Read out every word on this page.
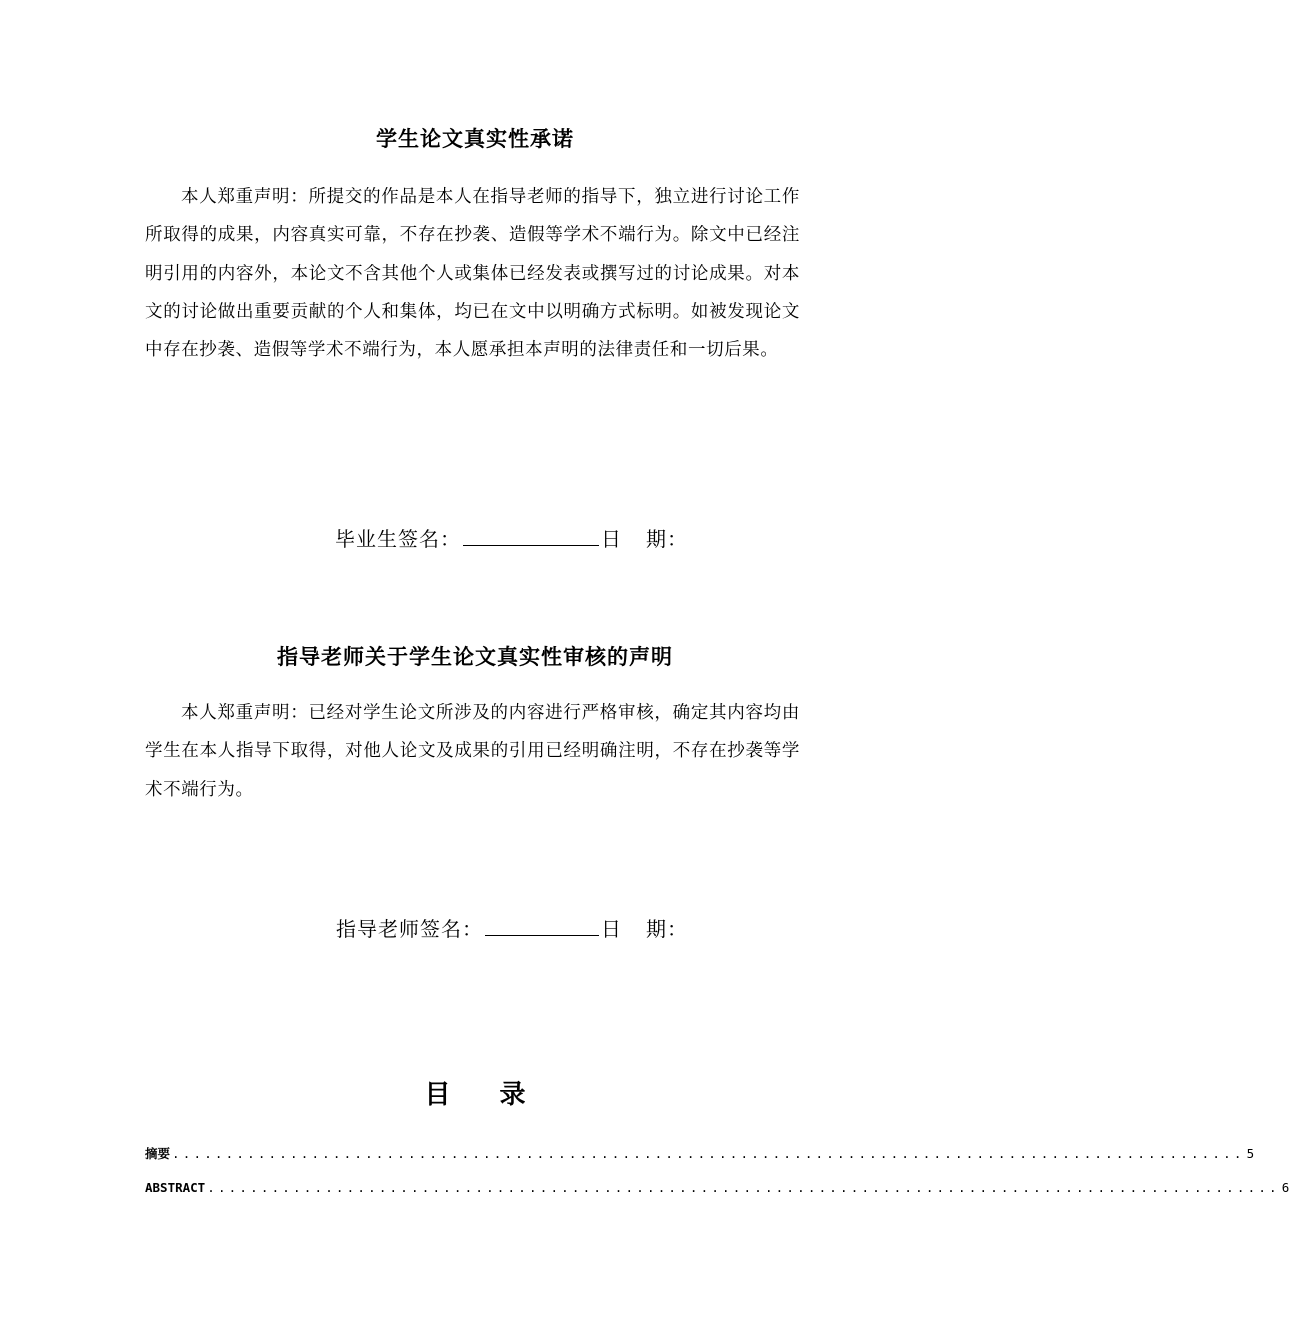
学生论文真实性承诺
本人郑重声明：所提交的作品是本人在指导老师的指导下，独立进行讨论工作所取得的成果，内容真实可靠，不存在抄袭、造假等学术不端行为。除文中已经注明引用的内容外，本论文不含其他个人或集体已经发表或撰写过的讨论成果。对本文的讨论做出重要贡献的个人和集体，均已在文中以明确方式标明。如被发现论文中存在抄袭、造假等学术不端行为，本人愿承担本声明的法律责任和一切后果。
毕业生签名：	日 期：
指导老师关于学生论文真实性审核的声明
本人郑重声明：已经对学生论文所涉及的内容进行严格审核，确定其内容均由学生在本人指导下取得，对他人论文及成果的引用已经明确注明，不存在抄袭等学术不端行为。
指导老师签名：	日 期：
目 录
摘要 .................................................................................................... 5
ABSTRACT .................................................................................................... 6
